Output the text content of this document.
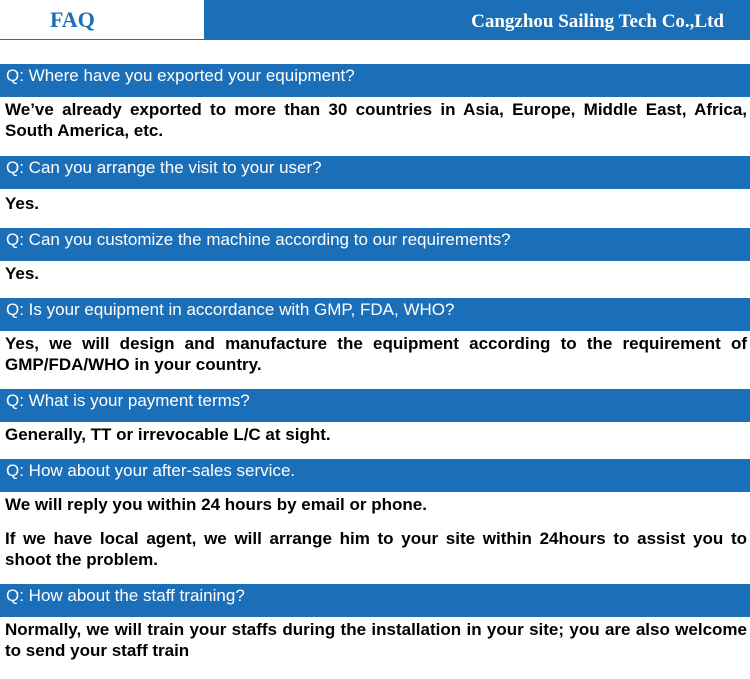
FAQ	Cangzhou Sailing Tech Co.,Ltd
Q: Where have you exported your equipment?
We’ve already exported to more than 30 countries in Asia, Europe, Middle East, Africa, South America, etc.
Q: Can you arrange the visit to your user?
Yes.
Q: Can you customize the machine according to our requirements?
Yes.
Q: Is your equipment in accordance with GMP, FDA, WHO?
Yes, we will design and manufacture the equipment according to the requirement of GMP/FDA/WHO in your country.
Q: What is your payment terms?
Generally, TT or irrevocable L/C at sight.
Q: How about your after-sales service.
We will reply you within 24 hours by email or phone.
If we have local agent, we will arrange him to your site within 24hours to assist you to shoot the problem.
Q: How about the staff training?
Normally, we will train your staffs during the installation in your site; you are also welcome to send your staff train
